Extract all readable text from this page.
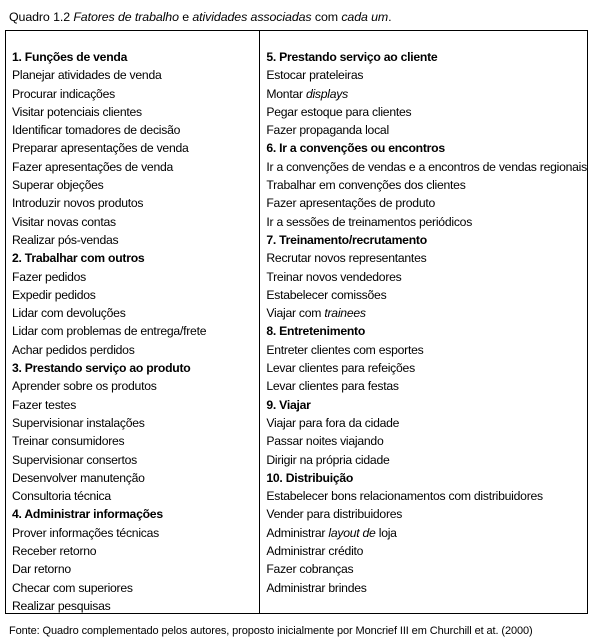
Quadro 1.2 Fatores de trabalho e atividades associadas com cada um.
1. Funções de venda
Planejar atividades de venda
Procurar indicações
Visitar potenciais clientes
Identificar tomadores de decisão
Preparar apresentações de venda
Fazer apresentações de venda
Superar objeções
Introduzir novos produtos
Visitar novas contas
Realizar pós-vendas
2. Trabalhar com outros
Fazer pedidos
Expedir pedidos
Lidar com devoluções
Lidar com problemas de entrega/frete
Achar pedidos perdidos
3. Prestando serviço ao produto
Aprender sobre os produtos
Fazer testes
Supervisionar instalações
Treinar consumidores
Supervisionar consertos
Desenvolver manutenção
Consultoria técnica
4. Administrar informações
Prover informações técnicas
Receber retorno
Dar retorno
Checar com superiores
Realizar pesquisas
5. Prestando serviço ao cliente
Estocar prateleiras
Montar displays
Pegar estoque para clientes
Fazer propaganda local
6. Ir a convenções ou encontros
Ir a convenções de vendas e a encontros de vendas regionais
Trabalhar em convenções dos clientes
Fazer apresentações de produto
Ir a sessões de treinamentos periódicos
7. Treinamento/recrutamento
Recrutar novos representantes
Treinar novos vendedores
Estabelecer comissões
Viajar com trainees
8. Entretenimento
Entreter clientes com esportes
Levar clientes para refeições
Levar clientes para festas
9. Viajar
Viajar para fora da cidade
Passar noites viajando
Dirigir na própria cidade
10. Distribuição
Estabelecer bons relacionamentos com distribuidores
Vender para distribuidores
Administrar layout de loja
Administrar crédito
Fazer cobranças
Administrar brindes
Fonte: Quadro complementado pelos autores, proposto inicialmente por Moncrief III em Churchill et at. (2000)
